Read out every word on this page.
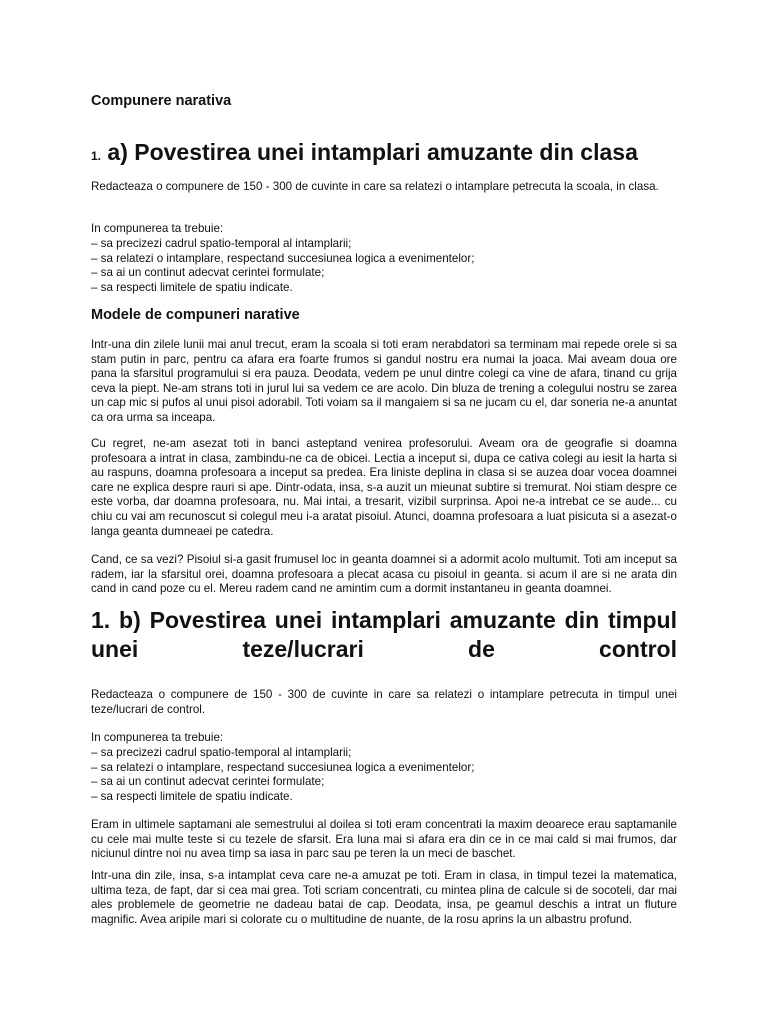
Compunere narativa
1. a) Povestirea unei intamplari amuzante din clasa

Redacteaza o compunere de 150 - 300 de cuvinte in care sa relatezi o intamplare petrecuta la scoala, in clasa.

In compunerea ta trebuie:

– sa precizezi cadrul spatio-temporal al intamplarii;
– sa relatezi o intamplare, respectand succesiunea logica a evenimentelor;
– sa ai un continut adecvat cerintei formulate;
– sa respecti limitele de spatiu indicate.
Modele de compuneri narative

Intr-una din zilele lunii mai anul trecut, eram la scoala si toti eram nerabdatori sa terminam mai repede orele si sa stam putin in parc, pentru ca afara era foarte frumos si gandul nostru era numai la joaca. Mai aveam doua ore pana la sfarsitul programului si era pauza. Deodata, vedem pe unul dintre colegi ca vine de afara, tinand cu grija ceva la piept. Ne-am strans toti in jurul lui sa vedem ce are acolo. Din bluza de trening a colegului nostru se zarea un cap mic si pufos al unui pisoi adorabil. Toti voiam sa il mangaiem si sa ne jucam cu el, dar soneria ne-a anuntat ca ora urma sa inceapa.

Cu regret, ne-am asezat toti in banci asteptand venirea profesorului. Aveam ora de geografie si doamna profesoara a intrat in clasa, zambindu-ne ca de obicei. Lectia a inceput si, dupa ce cativa colegi au iesit la harta si au raspuns, doamna profesoara a inceput sa predea. Era liniste deplina in clasa si se auzea doar vocea doamnei care ne explica despre rauri si ape. Dintr-odata, insa, s-a auzit un mieunat subtire si tremurat. Noi stiam despre ce este vorba, dar doamna profesoara, nu. Mai intai, a tresarit, vizibil surprinsa. Apoi ne-a intrebat ce se aude... cu chiu cu vai am recunoscut si colegul meu i-a aratat pisoiul. Atunci, doamna profesoara a luat pisicuta si a asezat-o langa geanta dumneaei pe catedra.

Cand, ce sa vezi? Pisoiul si-a gasit frumusel loc in geanta doamnei si a adormit acolo multumit. Toti am inceput sa radem, iar la sfarsitul orei, doamna profesoara a plecat acasa cu pisoiul in geanta. si acum il are si ne arata din cand in cand poze cu el. Mereu radem cand ne amintim cum a dormit instantaneu in geanta doamnei.

1. b) Povestirea unei intamplari amuzante din timpul unei teze/lucrari de control

Redacteaza o compunere de 150 - 300 de cuvinte in care sa relatezi o intamplare petrecuta in timpul unei teze/lucrari de control.

In compunerea ta trebuie:

– sa precizezi cadrul spatio-temporal al intamplarii;
– sa relatezi o intamplare, respectand succesiunea logica a evenimentelor;
– sa ai un continut adecvat cerintei formulate;
– sa respecti limitele de spatiu indicate.

Eram in ultimele saptamani ale semestrului al doilea si toti eram concentrati la maxim deoarece erau saptamanile cu cele mai multe teste si cu tezele de sfarsit. Era luna mai si afara era din ce in ce mai cald si mai frumos, dar niciunul dintre noi nu avea timp sa iasa in parc sau pe teren la un meci de baschet.

Intr-una din zile, insa, s-a intamplat ceva care ne-a amuzat pe toti. Eram in clasa, in timpul tezei la matematica, ultima teza, de fapt, dar si cea mai grea. Toti scriam concentrati, cu mintea plina de calcule si de socoteli, dar mai ales problemele de geometrie ne dadeau batai de cap. Deodata, insa, pe geamul deschis a intrat un fluture magnific. Avea aripile mari si colorate cu o multitudine de nuante, de la rosu aprins la un albastru profund.
